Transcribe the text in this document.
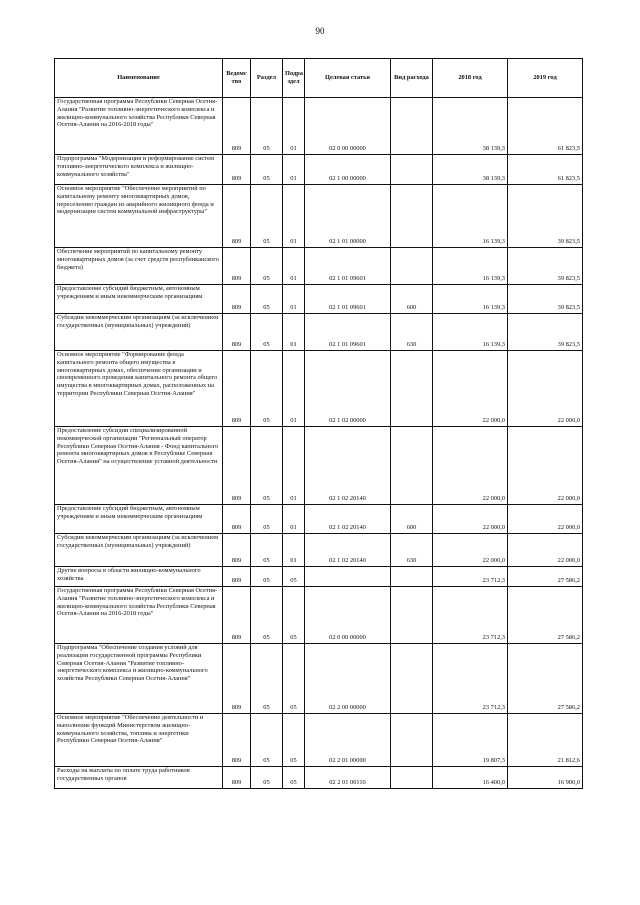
90
Наименование	Ведомс тво	Раздел	Подра здел	Целевая статья	Вид расхода	2018 год	2019 год
Государственная программа Республики Северная Осетия-Алания "Развитие топливно-энергетического комплекса и жилищно-коммунального хозяйства Республики Северная Осетия-Алания на 2016-2018 годы"	809	05	01	02 0 00 00000		38 139,3	61 823,5
Подпрограмма "Модернизация и реформирование систем топливно-энергетического комплекса и жилищно-коммунального хозяйства"	809	05	01	02 1 00 00000		38 139,3	61 823,5
Основное мероприятие "Обеспечение мероприятий по капитальному ремонту многоквартирных домов, переселению граждан из аварийного жилищного фонда и модернизации систем коммунальной инфраструктуры"	809	05	01	02 1 01 00000		16 139,3	39 823,5
Обеспечение мероприятий по капитальному ремонту многоквартирных домов (за счет средств республиканского бюджета)	809	05	01	02 1 01 09601		16 139,3	39 823,5
Предоставление субсидий бюджетным, автономным учреждениям и иным некоммерческим организациям	809	05	01	02 1 01 09601	600	16 139,3	39 823,5
Субсидии некоммерческим организациям (за исключением государственных (муниципальных) учреждений)	809	05	01	02 1 01 09601	630	16 139,3	39 823,5
Основное мероприятие "Формирование фонда капитального ремонта общего имущества в многоквартирных домах, обеспечение организации и своевременного проведения капитального ремонта общего имущества в многоквартирных домах, расположенных на территории Республики Северная Осетия-Алания"	809	05	01	02 1 02 00000		22 000,0	22 000,0
Предоставление субсидии специализированной некоммерческой организации "Региональный оператор Республики Северная Осетия-Алания - Фонд капитального ремонта многоквартирных домов в Республике Северная Осетия-Алания" на осуществление уставной деятельности	809	05	01	02 1 02 20140		22 000,0	22 000,0
Предоставление субсидий бюджетным, автономным учреждениям и иным некоммерческим организациям	809	05	01	02 1 02 20140	600	22 000,0	22 000,0
Субсидии некоммерческим организациям (за исключением государственных (муниципальных) учреждений)	809	05	01	02 1 02 20140	630	22 000,0	22 000,0
Другие вопросы в области жилищно-коммунального хозяйства	809	05	05			23 712,3	27 586,2
Государственная программа Республики Северная Осетия-Алания "Развитие топливно-энергетического комплекса и жилищно-коммунального хозяйства Республики Северная Осетия-Алания на 2016-2018 годы"	809	05	05	02 0 00 00000		23 712,3	27 586,2
Подпрограмма "Обеспечение создания условий для реализации государственной программы Республики Северная Осетия-Алания "Развитие топливно-энергетического комплекса и жилищно-коммунального хозяйства Республики Северная Осетия-Алания"	809	05	05	02 2 00 00000		23 712,3	27 586,2
Основное мероприятие "Обеспечение деятельности и выполнение функций Министерством жилищно-коммунального хозяйства, топлива и энергетики Республики Северная Осетия-Алания"	809	05	05	02 2 01 00000		19 807,3	21 812,6
Расходы на выплаты по оплате труда работников государственных органов	809	05	05	02 2 01 00110		16 400,0	16 900,0
